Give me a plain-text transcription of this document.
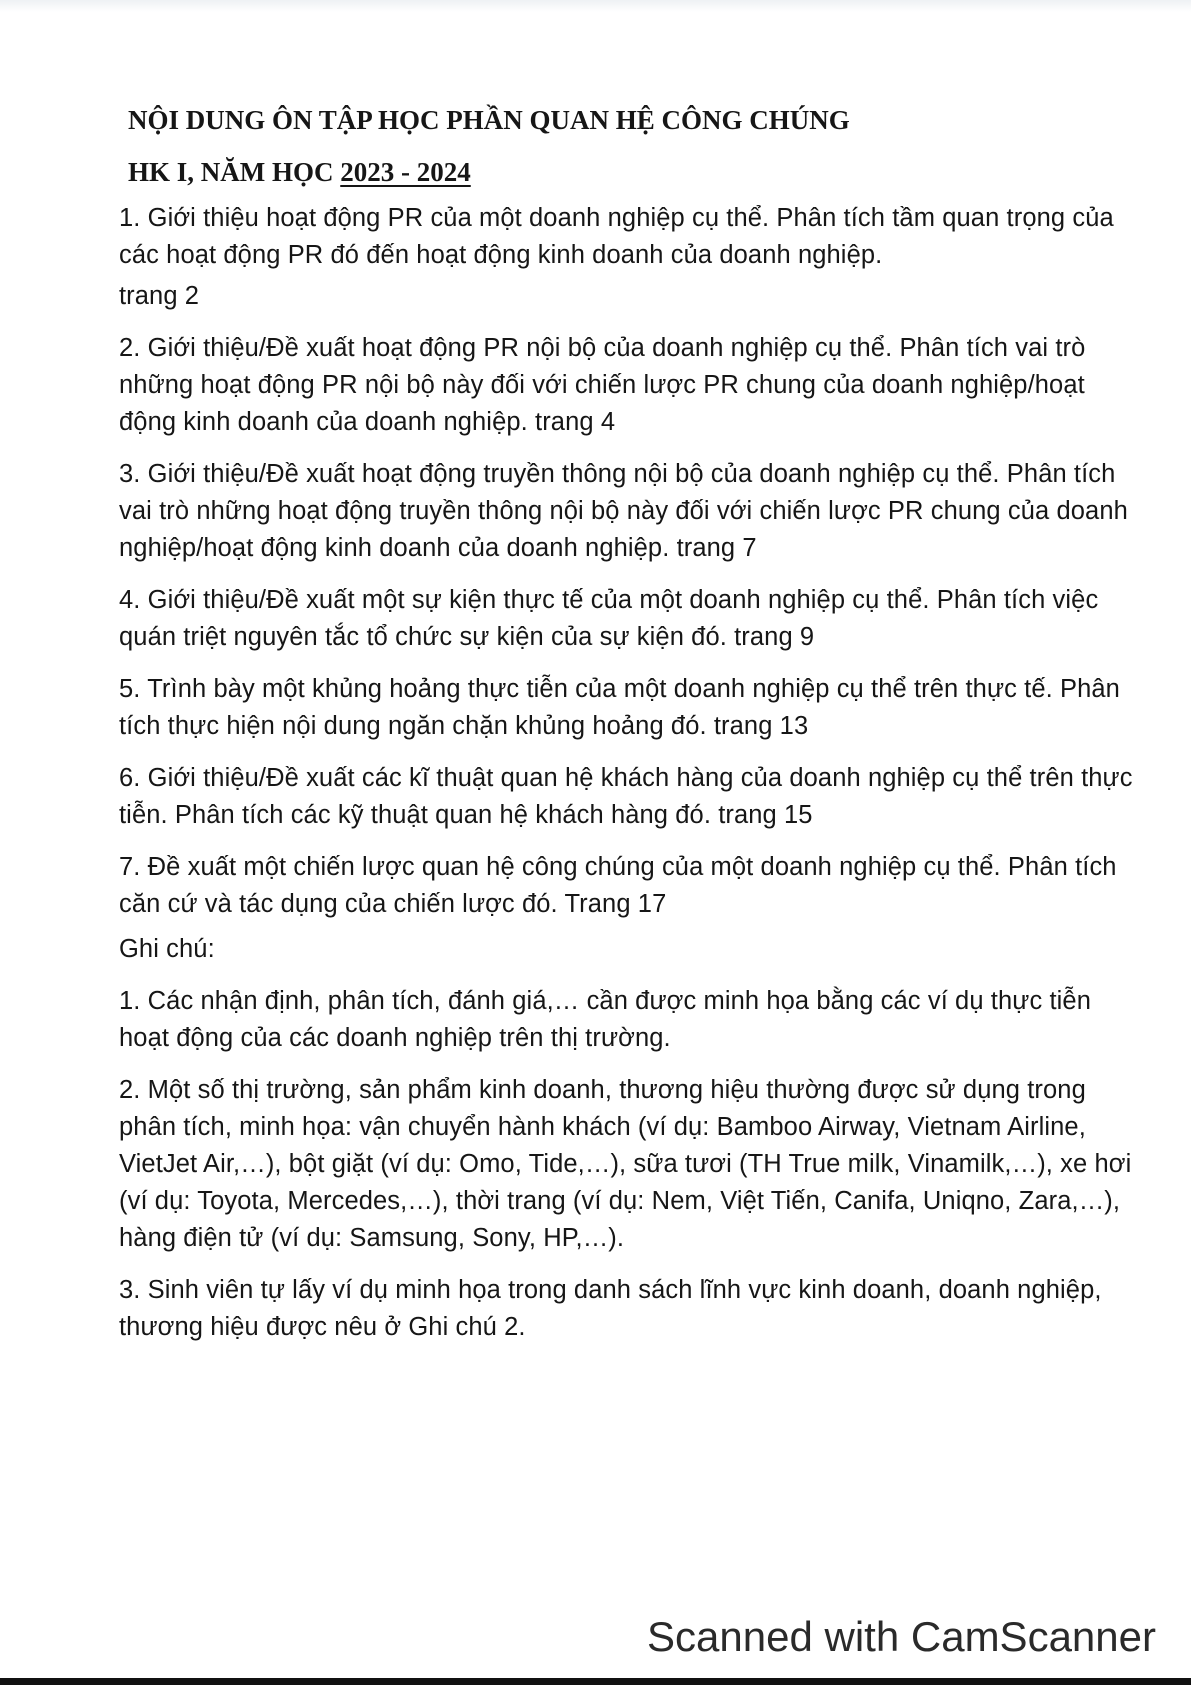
NỘI DUNG ÔN TẬP HỌC PHẦN QUAN HỆ CÔNG CHÚNG
HK I, NĂM HỌC 2023 - 2024

1. Giới thiệu hoạt động PR của một doanh nghiệp cụ thể. Phân tích tầm quan trọng của các hoạt động PR đó đến hoạt động kinh doanh của doanh nghiệp.

trang 2

2. Giới thiệu/Đề xuất hoạt động PR nội bộ của doanh nghiệp cụ thể. Phân tích vai trò những hoạt động PR nội bộ này đối với chiến lược PR chung của doanh nghiệp/hoạt động kinh doanh của doanh nghiệp. trang 4

3. Giới thiệu/Đề xuất hoạt động truyền thông nội bộ của doanh nghiệp cụ thể. Phân tích vai trò những hoạt động truyền thông nội bộ này đối với chiến lược PR chung của doanh nghiệp/hoạt động kinh doanh của doanh nghiệp. trang 7

4. Giới thiệu/Đề xuất một sự kiện thực tế của một doanh nghiệp cụ thể. Phân tích việc quán triệt nguyên tắc tổ chức sự kiện của sự kiện đó. trang 9

5. Trình bày một khủng hoảng thực tiễn của một doanh nghiệp cụ thể trên thực tế. Phân tích thực hiện nội dung ngăn chặn khủng hoảng đó. trang 13

6. Giới thiệu/Đề xuất các kĩ thuật quan hệ khách hàng của doanh nghiệp cụ thể trên thực tiễn. Phân tích các kỹ thuật quan hệ khách hàng đó. trang 15

7. Đề xuất một chiến lược quan hệ công chúng của một doanh nghiệp cụ thể. Phân tích căn cứ và tác dụng của chiến lược đó. Trang 17

Ghi chú:

1. Các nhận định, phân tích, đánh giá,… cần được minh họa bằng các ví dụ thực tiễn hoạt động của các doanh nghiệp trên thị trường.

2. Một số thị trường, sản phẩm kinh doanh, thương hiệu thường được sử dụng trong phân tích, minh họa: vận chuyển hành khách (ví dụ: Bamboo Airway, Vietnam Airline, VietJet Air,…), bột giặt (ví dụ: Omo, Tide,…), sữa tươi (TH True milk, Vinamilk,…), xe hơi (ví dụ: Toyota, Mercedes,…), thời trang (ví dụ: Nem, Việt Tiến, Canifa, Uniqno, Zara,…), hàng điện tử (ví dụ: Samsung, Sony, HP,…).

3. Sinh viên tự lấy ví dụ minh họa trong danh sách lĩnh vực kinh doanh, doanh nghiệp, thương hiệu được nêu ở Ghi chú 2.

Scanned with CamScanner
